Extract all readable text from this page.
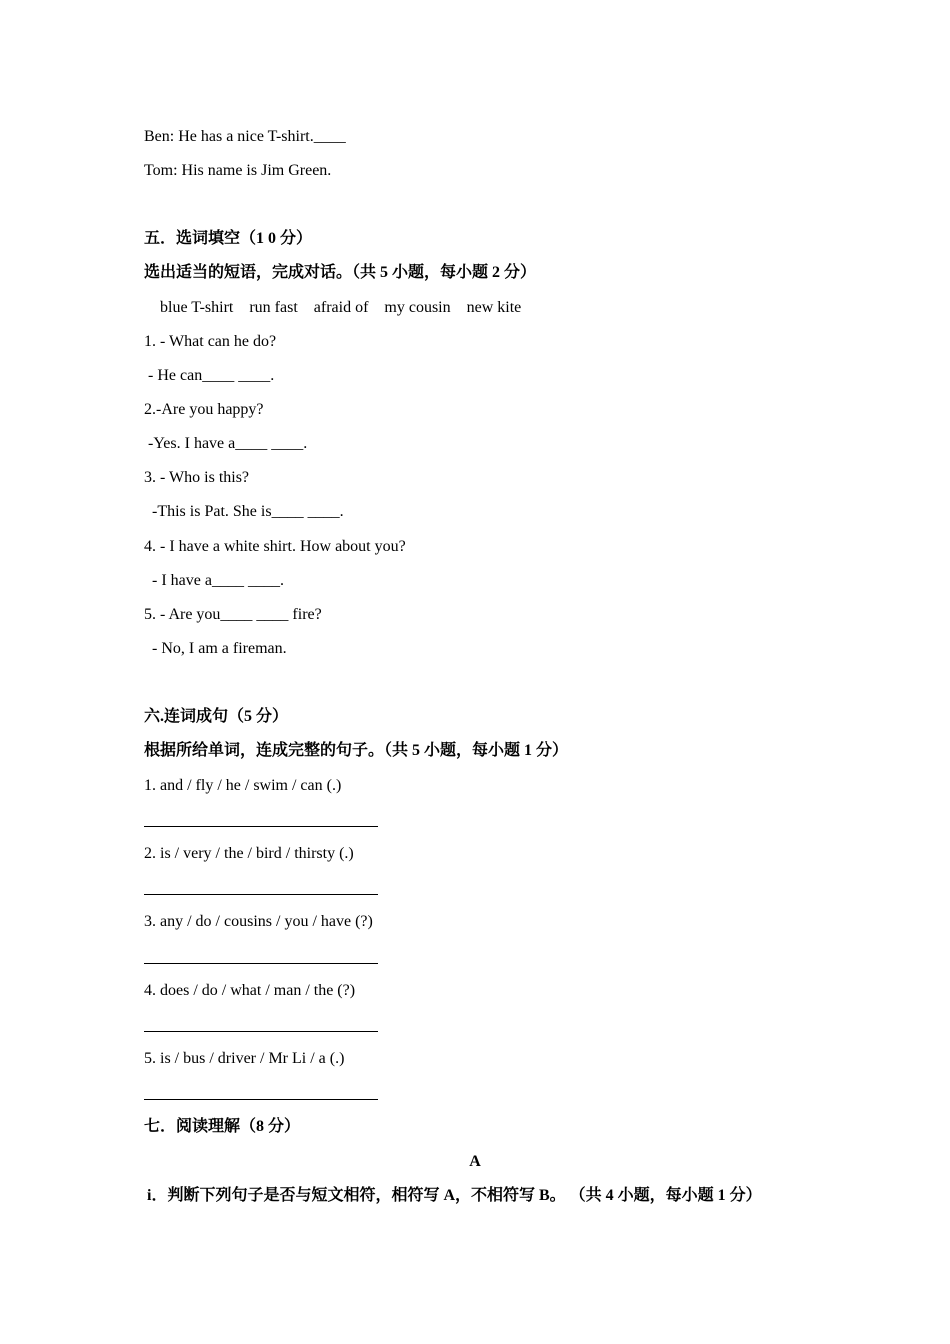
Ben: He has a nice T-shirt.____
Tom: His name is Jim Green.
五．选词填空（1 0 分）
选出适当的短语，完成对话。（共 5 小题，每小题 2 分）
blue T-shirt    run fast    afraid of    my cousin    new kite
1. - What can he do?
- He can____ ____.
2.-Are you happy?
-Yes. I have a____ ____.
3. - Who is this?
-This is Pat. She is____ ____.
4. - I have a white shirt. How about you?
- I have a____ ____.
5. - Are you____ ____ fire?
- No, I am a fireman.
六.连词成句（5 分）
根据所给单词，连成完整的句子。（共 5 小题，每小题 1 分）
1. and / fly / he / swim / can (.)
2. is / very / the / bird / thirsty (.)
3. any / do / cousins / you / have (?)
4. does / do / what / man / the (?)
5. is / bus / driver / Mr Li / a (.)
七．阅读理解（8 分）
A
i．判断下列句子是否与短文相符，相符写 A，不相符写 B。 （共 4 小题，每小题 1 分）
